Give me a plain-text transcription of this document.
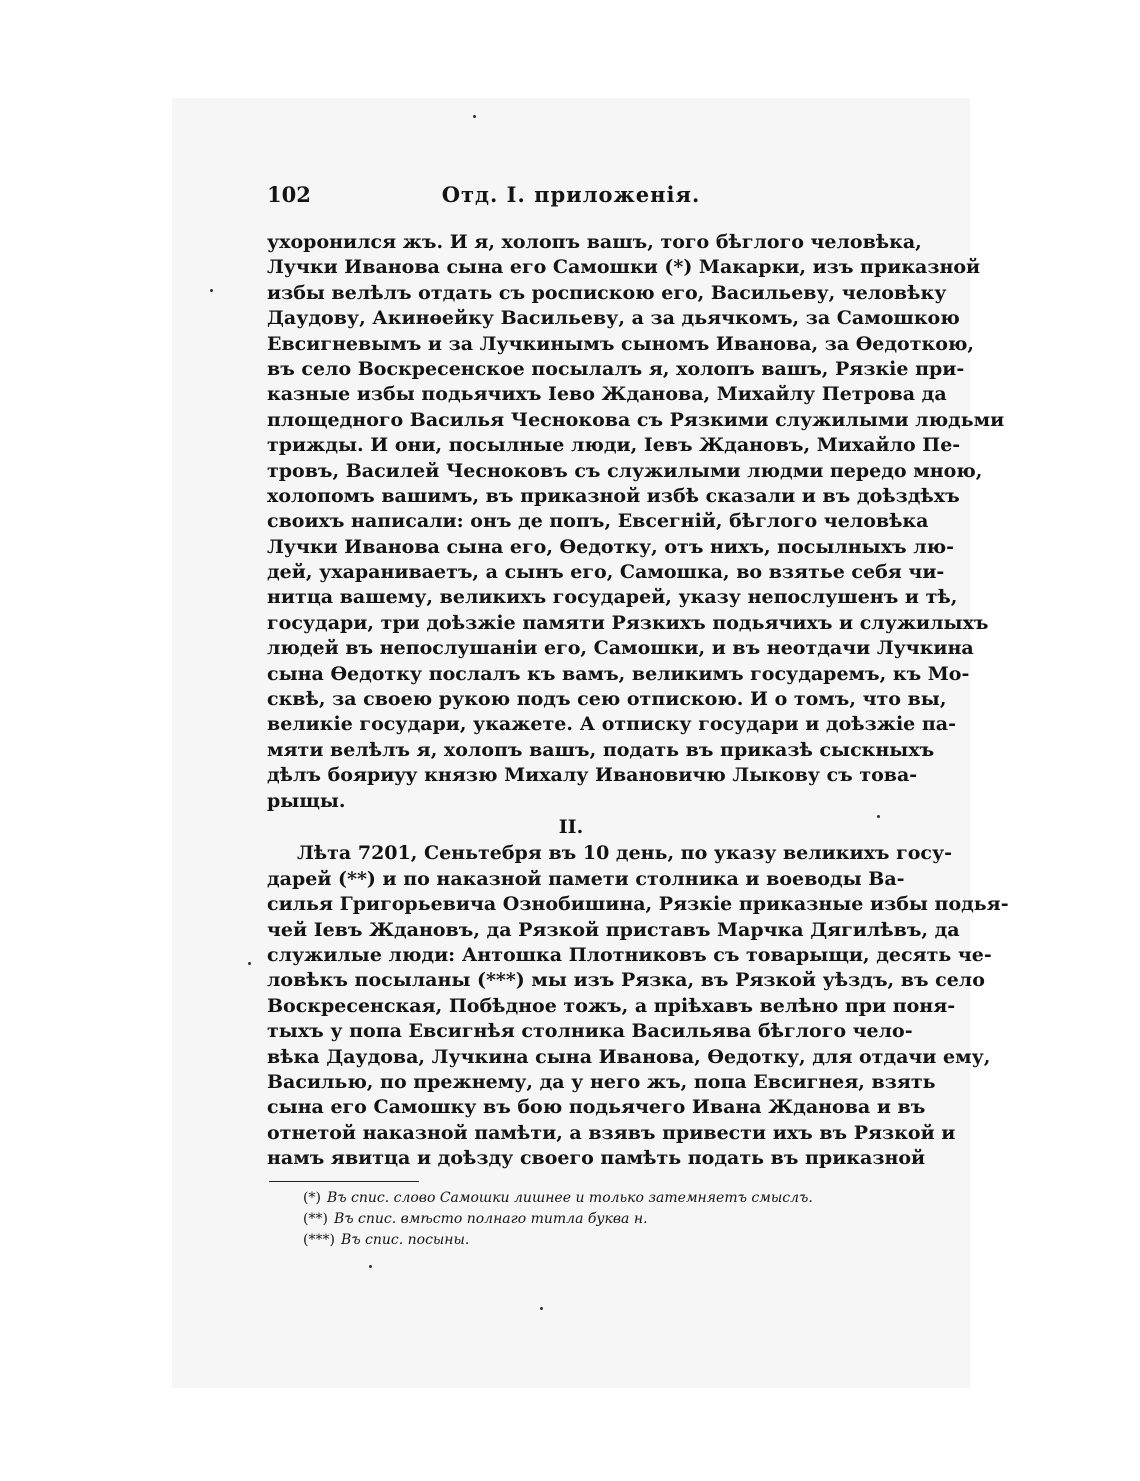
102	Отд. I. приложенія.
ухоронился жъ. И я, холопъ вашъ, того бѣглого человѣка,
Лучки Иванова сына его Самошки (*) Макарки, изъ приказной
избы велѣлъ отдать съ роспискою его, Васильеву, человѣку
Даудову, Акинѳейку Васильеву, а за дьячкомъ, за Самошкою
Евсигневымъ и за Лучкинымъ сыномъ Иванова, за Ѳедоткою,
въ село Воскресенское посылалъ я, холопъ вашъ, Рязкіе при-
казные избы подьячихъ Іево Жданова, Михайлу Петрова да
площедного Василья Чеснокова съ Рязкими служилыми людьми
трижды. И они, посылные люди, Іевъ Ждановъ, Михайло Пе-
тровъ, Василей Чесноковъ съ служилыми людми передо мною,
холопомъ вашимъ, въ приказной избѣ сказали и въ доѣздѣхъ
своихъ написали: онъ де попъ, Евсегній, бѣглого человѣка
Лучки Иванова сына его, Ѳедотку, отъ нихъ, посылныхъ лю-
дей, ухараниваетъ, а сынъ его, Самошка, во взятье себя чи-
нитца вашему, великихъ государей, указу непослушенъ и тѣ,
государи, три доѣзжіе памяти Рязкихъ подьячихъ и служилыхъ
людей въ непослушаніи его, Самошки, и въ неотдачи Лучкина
сына Ѳедотку послалъ къ вамъ, великимъ государемъ, къ Мо-
сквѣ, за своею рукою подъ сею отпискою. И о томъ, что вы,
великіе государи, укажете. А отписку государи и доѣзжіе па-
мяти велѣлъ я, холопъ вашъ, подать въ приказѣ сыскныхъ
дѣлъ бояриyу князю Михалу Ивановичю Лыкову съ това-
рыщы.
II.
Лѣта 7201, Сеньтебря въ 10 день, по указу великихъ госу-
дарей (**) и по наказной памети столника и воеводы Ва-
силья Григорьевича Ознобишина, Рязкіе приказные избы подья-
чей Іевъ Ждановъ, да Рязкой приставъ Марчка Дягилѣвъ, да
служилые люди: Антошка Плотниковъ съ товарыщи, десять че-
ловѣкъ посыланы (***) мы изъ Рязка, въ Рязкой уѣздъ, въ село
Воскресенская, Побѣдное тожъ, а пріѣхавъ велѣно при поня-
тыхъ у попа Евсигнѣя столника Васильява бѣглого чело-
вѣка Даудова, Лучкина сына Иванова, Ѳедотку, для отдачи ему,
Василью, по прежнему, да у него жъ, попа Евсигнея, взять
сына его Самошку въ бою подьячего Ивана Жданова и въ
отнетой наказной памѣти, а взявъ привести ихъ въ Рязкой и
намъ явитца и доѣзду своего памѣть подать въ приказной
(*) Въ спис. слово Самошки лишнее и только затемняетъ смыслъ.
(**) Въ спис. вмѣсто полнаго титла буква н.
(***) Въ спис. посыны.
